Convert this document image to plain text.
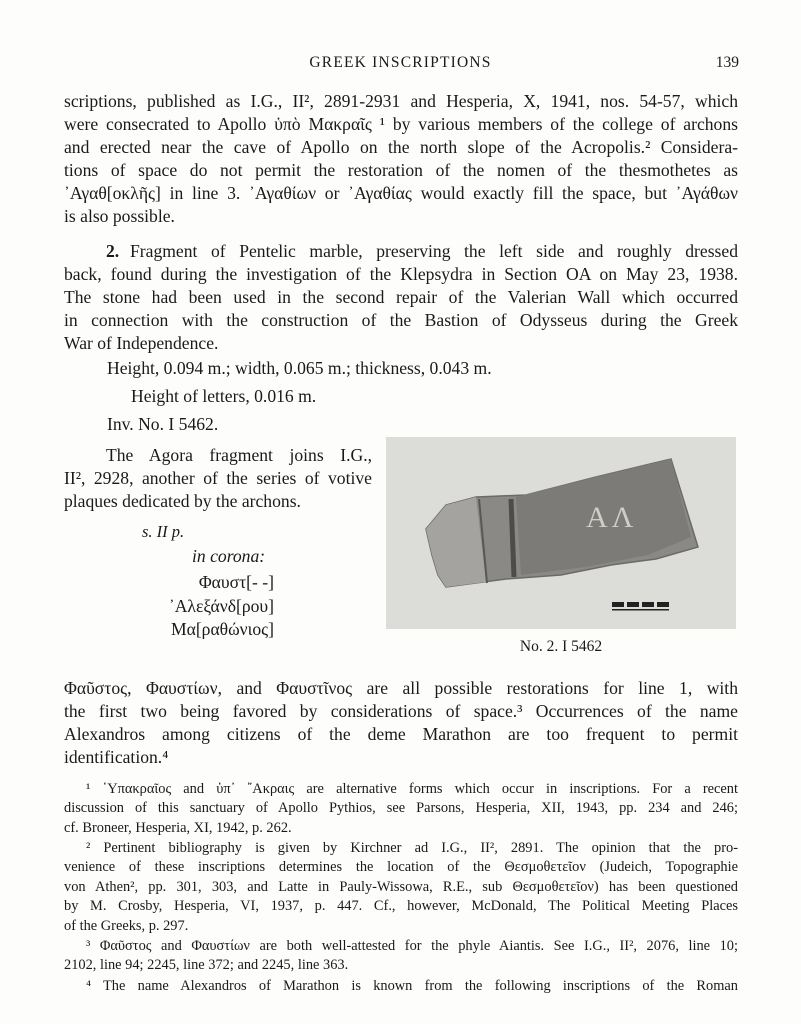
GREEK INSCRIPTIONS	139
scriptions, published as I.G., II², 2891-2931 and Hesperia, X, 1941, nos. 54-57, which
were consecrated to Apollo ὑπὸ Μακραῖς ¹ by various members of the college of archons
and erected near the cave of Apollo on the north slope of the Acropolis.² Considera-
tions of space do not permit the restoration of the nomen of the thesmothetes as
᾿Αγαθ[οκλῆς] in line 3. ᾿Αγαθίων or ᾿Αγαθίας would exactly fill the space, but ᾿Αγάθων
is also possible.
2. Fragment of Pentelic marble, preserving the left side and roughly dressed
back, found during the investigation of the Klepsydra in Section OA on May 23, 1938.
The stone had been used in the second repair of the Valerian Wall which occurred
in connection with the construction of the Bastion of Odysseus during the Greek
War of Independence.
Height, 0.094 m.; width, 0.065 m.; thickness, 0.043 m.
Height of letters, 0.016 m.
Inv. No. I 5462.
The Agora fragment joins I.G.,
II², 2928, another of the series of votive
plaques dedicated by the archons.
s. II p.
in corona:
Φαυστ[- -]
᾿Αλεξάνδ[ρου]
Μα[ραθώνιος]
ΑΛ
No. 2. I 5462
Φαῦστος, Φαυστίων, and Φαυστῖνος are all possible restorations for line 1, with
the first two being favored by considerations of space.³ Occurrences of the name
Alexandros among citizens of the deme Marathon are too frequent to permit
identification.⁴
¹ ῾Υπακραῖος and ὑπ᾿ ῎Ακραις are alternative forms which occur in inscriptions. For a recent
discussion of this sanctuary of Apollo Pythios, see Parsons, Hesperia, XII, 1943, pp. 234 and 246;
cf. Broneer, Hesperia, XI, 1942, p. 262.
² Pertinent bibliography is given by Kirchner ad I.G., II², 2891. The opinion that the pro-
venience of these inscriptions determines the location of the Θεσμοθετεῖον (Judeich, Topographie
von Athen², pp. 301, 303, and Latte in Pauly-Wissowa, R.E., sub Θεσμοθετεῖον) has been questioned
by M. Crosby, Hesperia, VI, 1937, p. 447. Cf., however, McDonald, The Political Meeting Places
of the Greeks, p. 297.
³ Φαῦστος and Φαυστίων are both well-attested for the phyle Aiantis. See I.G., II², 2076, line 10;
2102, line 94; 2245, line 372; and 2245, line 363.
⁴ The name Alexandros of Marathon is known from the following inscriptions of the Roman
